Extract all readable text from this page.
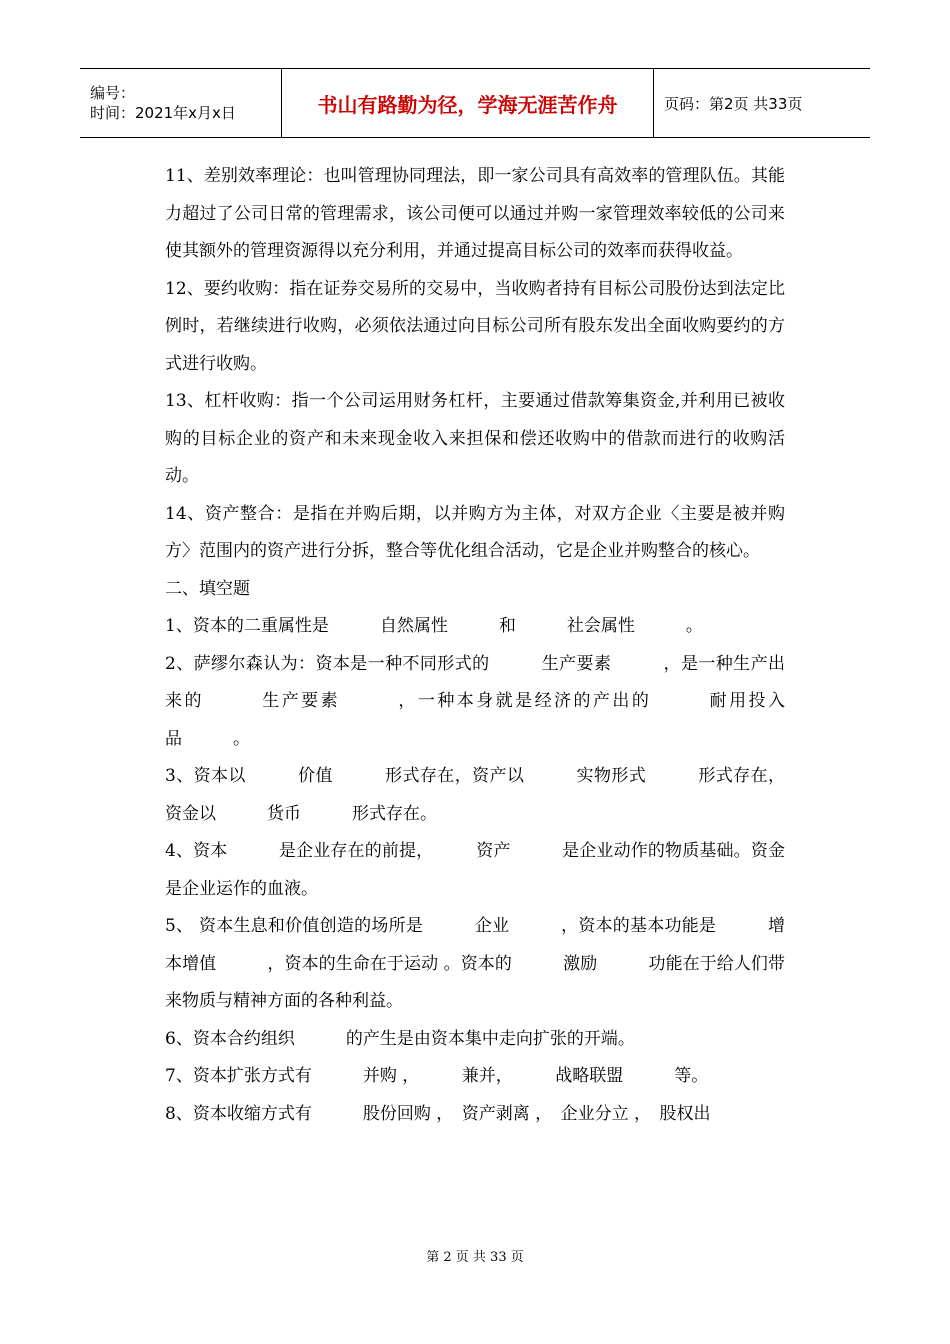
编号：
时间：2021年x月x日	书山有路勤为径，学海无涯苦作舟	页码：第2页 共33页

11、差别效率理论：也叫管理协同理法，即一家公司具有高效率的管理队伍。其能力超过了公司日常的管理需求，该公司便可以通过并购一家管理效率较低的公司来使其额外的管理资源得以充分利用，并通过提高目标公司的效率而获得收益。

12、要约收购：指在证券交易所的交易中，当收购者持有目标公司股份达到法定比例时，若继续进行收购，必须依法通过向目标公司所有股东发出全面收购要约的方式进行收购。

13、杠杆收购：指一个公司运用财务杠杆，主要通过借款筹集资金,并利用已被收购的目标企业的资产和未来现金收入来担保和偿还收购中的借款而进行的收购活动。

14、资产整合：是指在并购后期，以并购方为主体，对双方企业〈主要是被并购方〉范围内的资产进行分拆，整合等优化组合活动，它是企业并购整合的核心。

二、填空题

1、资本的二重属性是　　　自然属性　　　和　　　社会属性　　　。

2、萨缪尔森认为：资本是一种不同形式的　　　生产要素　　　，是一种生产出来的　　　生产要素　　　，一种本身就是经济的产出的　　　耐用投入品　　　。

3、资本以　　　价值　　　形式存在，资产以　　　实物形式　　　形式存在，资金以　　　货币　　　形式存在。

4、资本　　　是企业存在的前提，　　　资产　　　是企业动作的物质基础。资金 是企业运作的血液。

5、 资本生息和价值创造的场所是　　　企业　　　，资本的基本功能是　　　增本增值　　　，资本的生命在于运动 。资本的　　　激励　　　功能在于给人们带来物质与精神方面的各种利益。

6、资本合约组织　　　的产生是由资本集中走向扩张的开端。

7、资本扩张方式有　　　并购 ，　　　兼并，　　　战略联盟　　　等。

8、资本收缩方式有　　　股份回购 ，　资产剥离 ，　企业分立 ，　股权出

第 2 页 共 33 页
